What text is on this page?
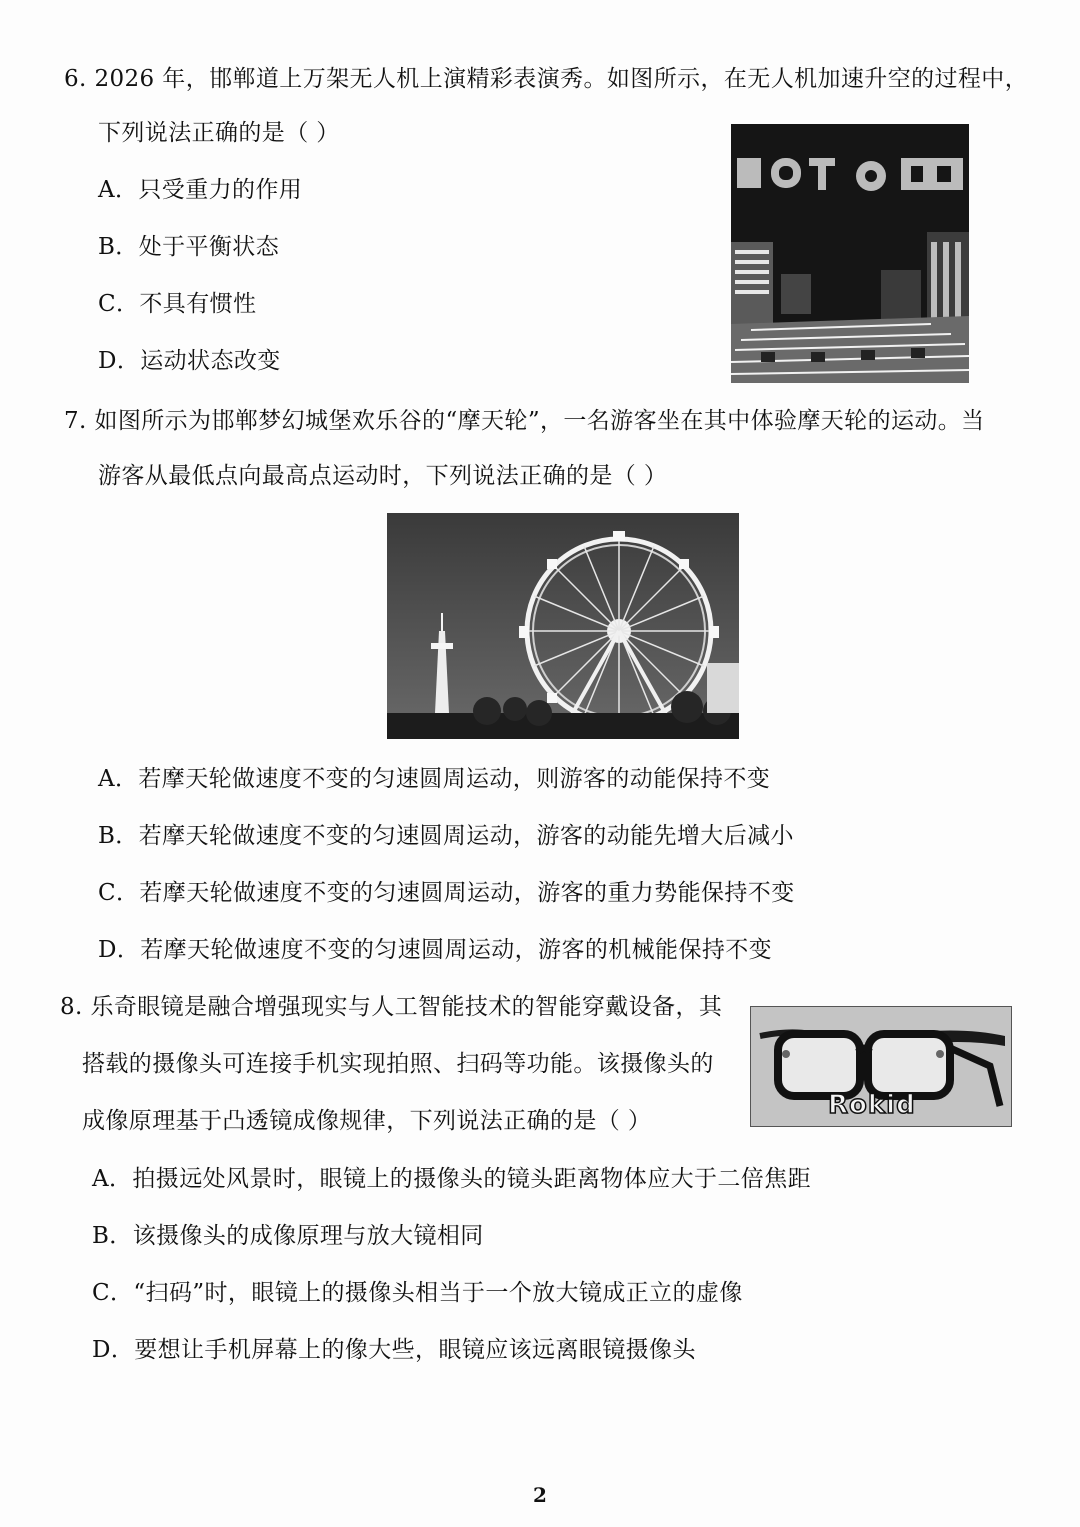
6. 2026 年，邯郸道上万架无人机上演精彩表演秀。如图所示，在无人机加速升空的过程中，
下列说法正确的是（ ）
A．只受重力的作用
B．处于平衡状态
C．不具有惯性
D．运动状态改变
7. 如图所示为邯郸梦幻城堡欢乐谷的“摩天轮”，一名游客坐在其中体验摩天轮的运动。当
游客从最低点向最高点运动时，下列说法正确的是（ ）
A．若摩天轮做速度不变的匀速圆周运动，则游客的动能保持不变
B．若摩天轮做速度不变的匀速圆周运动，游客的动能先增大后减小
C．若摩天轮做速度不变的匀速圆周运动，游客的重力势能保持不变
D．若摩天轮做速度不变的匀速圆周运动，游客的机械能保持不变
8. 乐奇眼镜是融合增强现实与人工智能技术的智能穿戴设备，其
搭载的摄像头可连接手机实现拍照、扫码等功能。该摄像头的
成像原理基于凸透镜成像规律，下列说法正确的是（ ）
Rokid
A．拍摄远处风景时，眼镜上的摄像头的镜头距离物体应大于二倍焦距
B．该摄像头的成像原理与放大镜相同
C．“扫码”时，眼镜上的摄像头相当于一个放大镜成正立的虚像
D．要想让手机屏幕上的像大些，眼镜应该远离眼镜摄像头
2
